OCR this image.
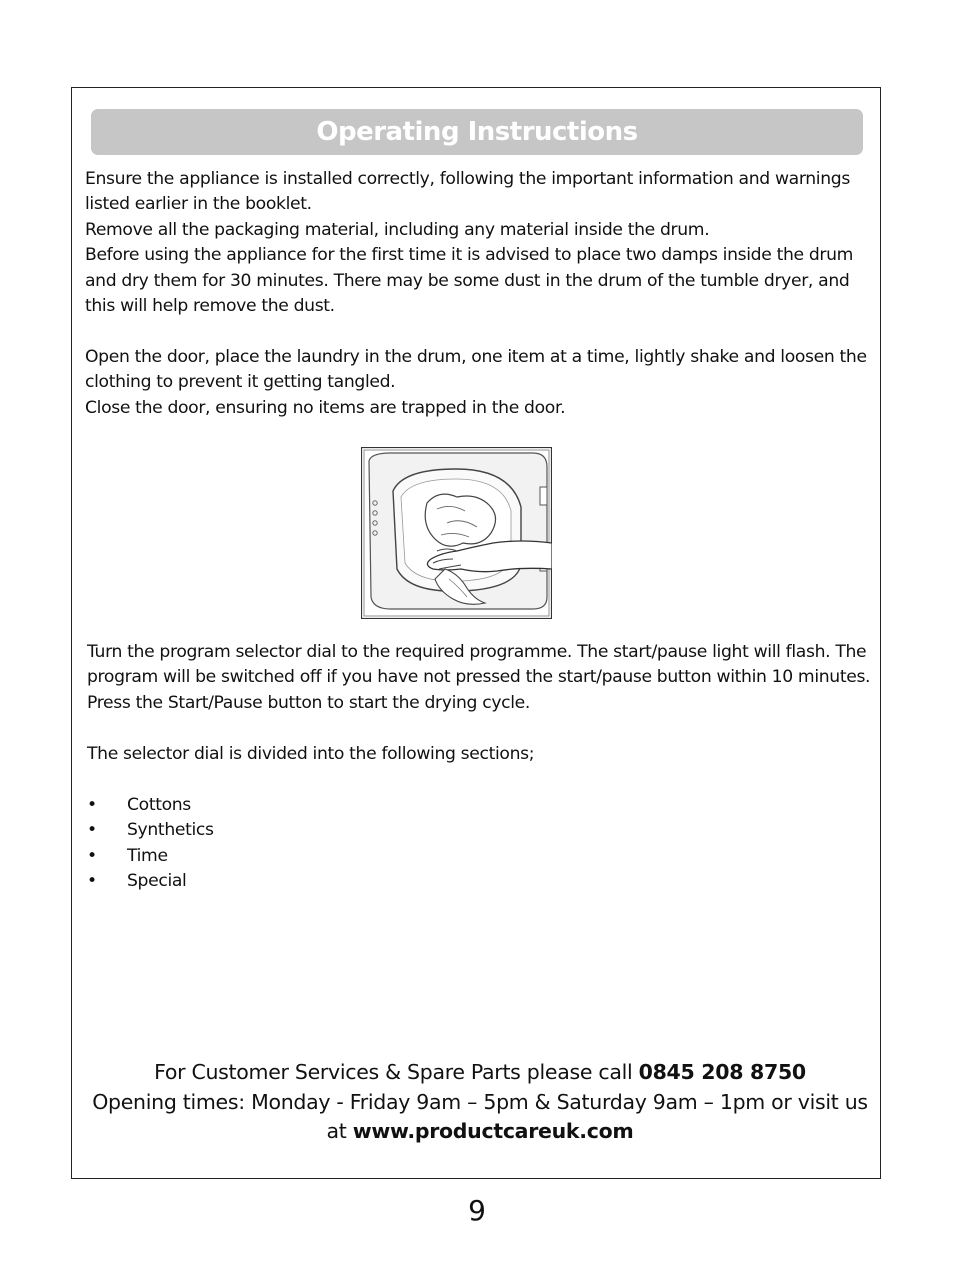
Operating Instructions

Ensure the appliance is installed correctly, following the important information and warnings listed earlier in the booklet.

Remove all the packaging material, including any material inside the drum.

Before using the appliance for the first time it is advised to place two damps inside the drum and dry them for 30 minutes. There may be some dust in the drum of the tumble dryer, and this will help remove the dust.

Open the door, place the laundry in the drum, one item at a time, lightly shake and loosen the clothing to prevent it getting tangled.

Close the door, ensuring no items are trapped in the door.

Turn the program selector dial to the required programme. The start/pause light will flash. The program will be switched off if you have not pressed the start/pause button within 10 minutes. Press the Start/Pause button to start the drying cycle.

The selector dial is divided into the following sections;

• Cottons
• Synthetics
• Time
• Special

For Customer Services & Spare Parts please call 0845 208 8750

Opening times: Monday - Friday 9am – 5pm & Saturday 9am – 1pm or visit us at www.productcareuk.com

9
